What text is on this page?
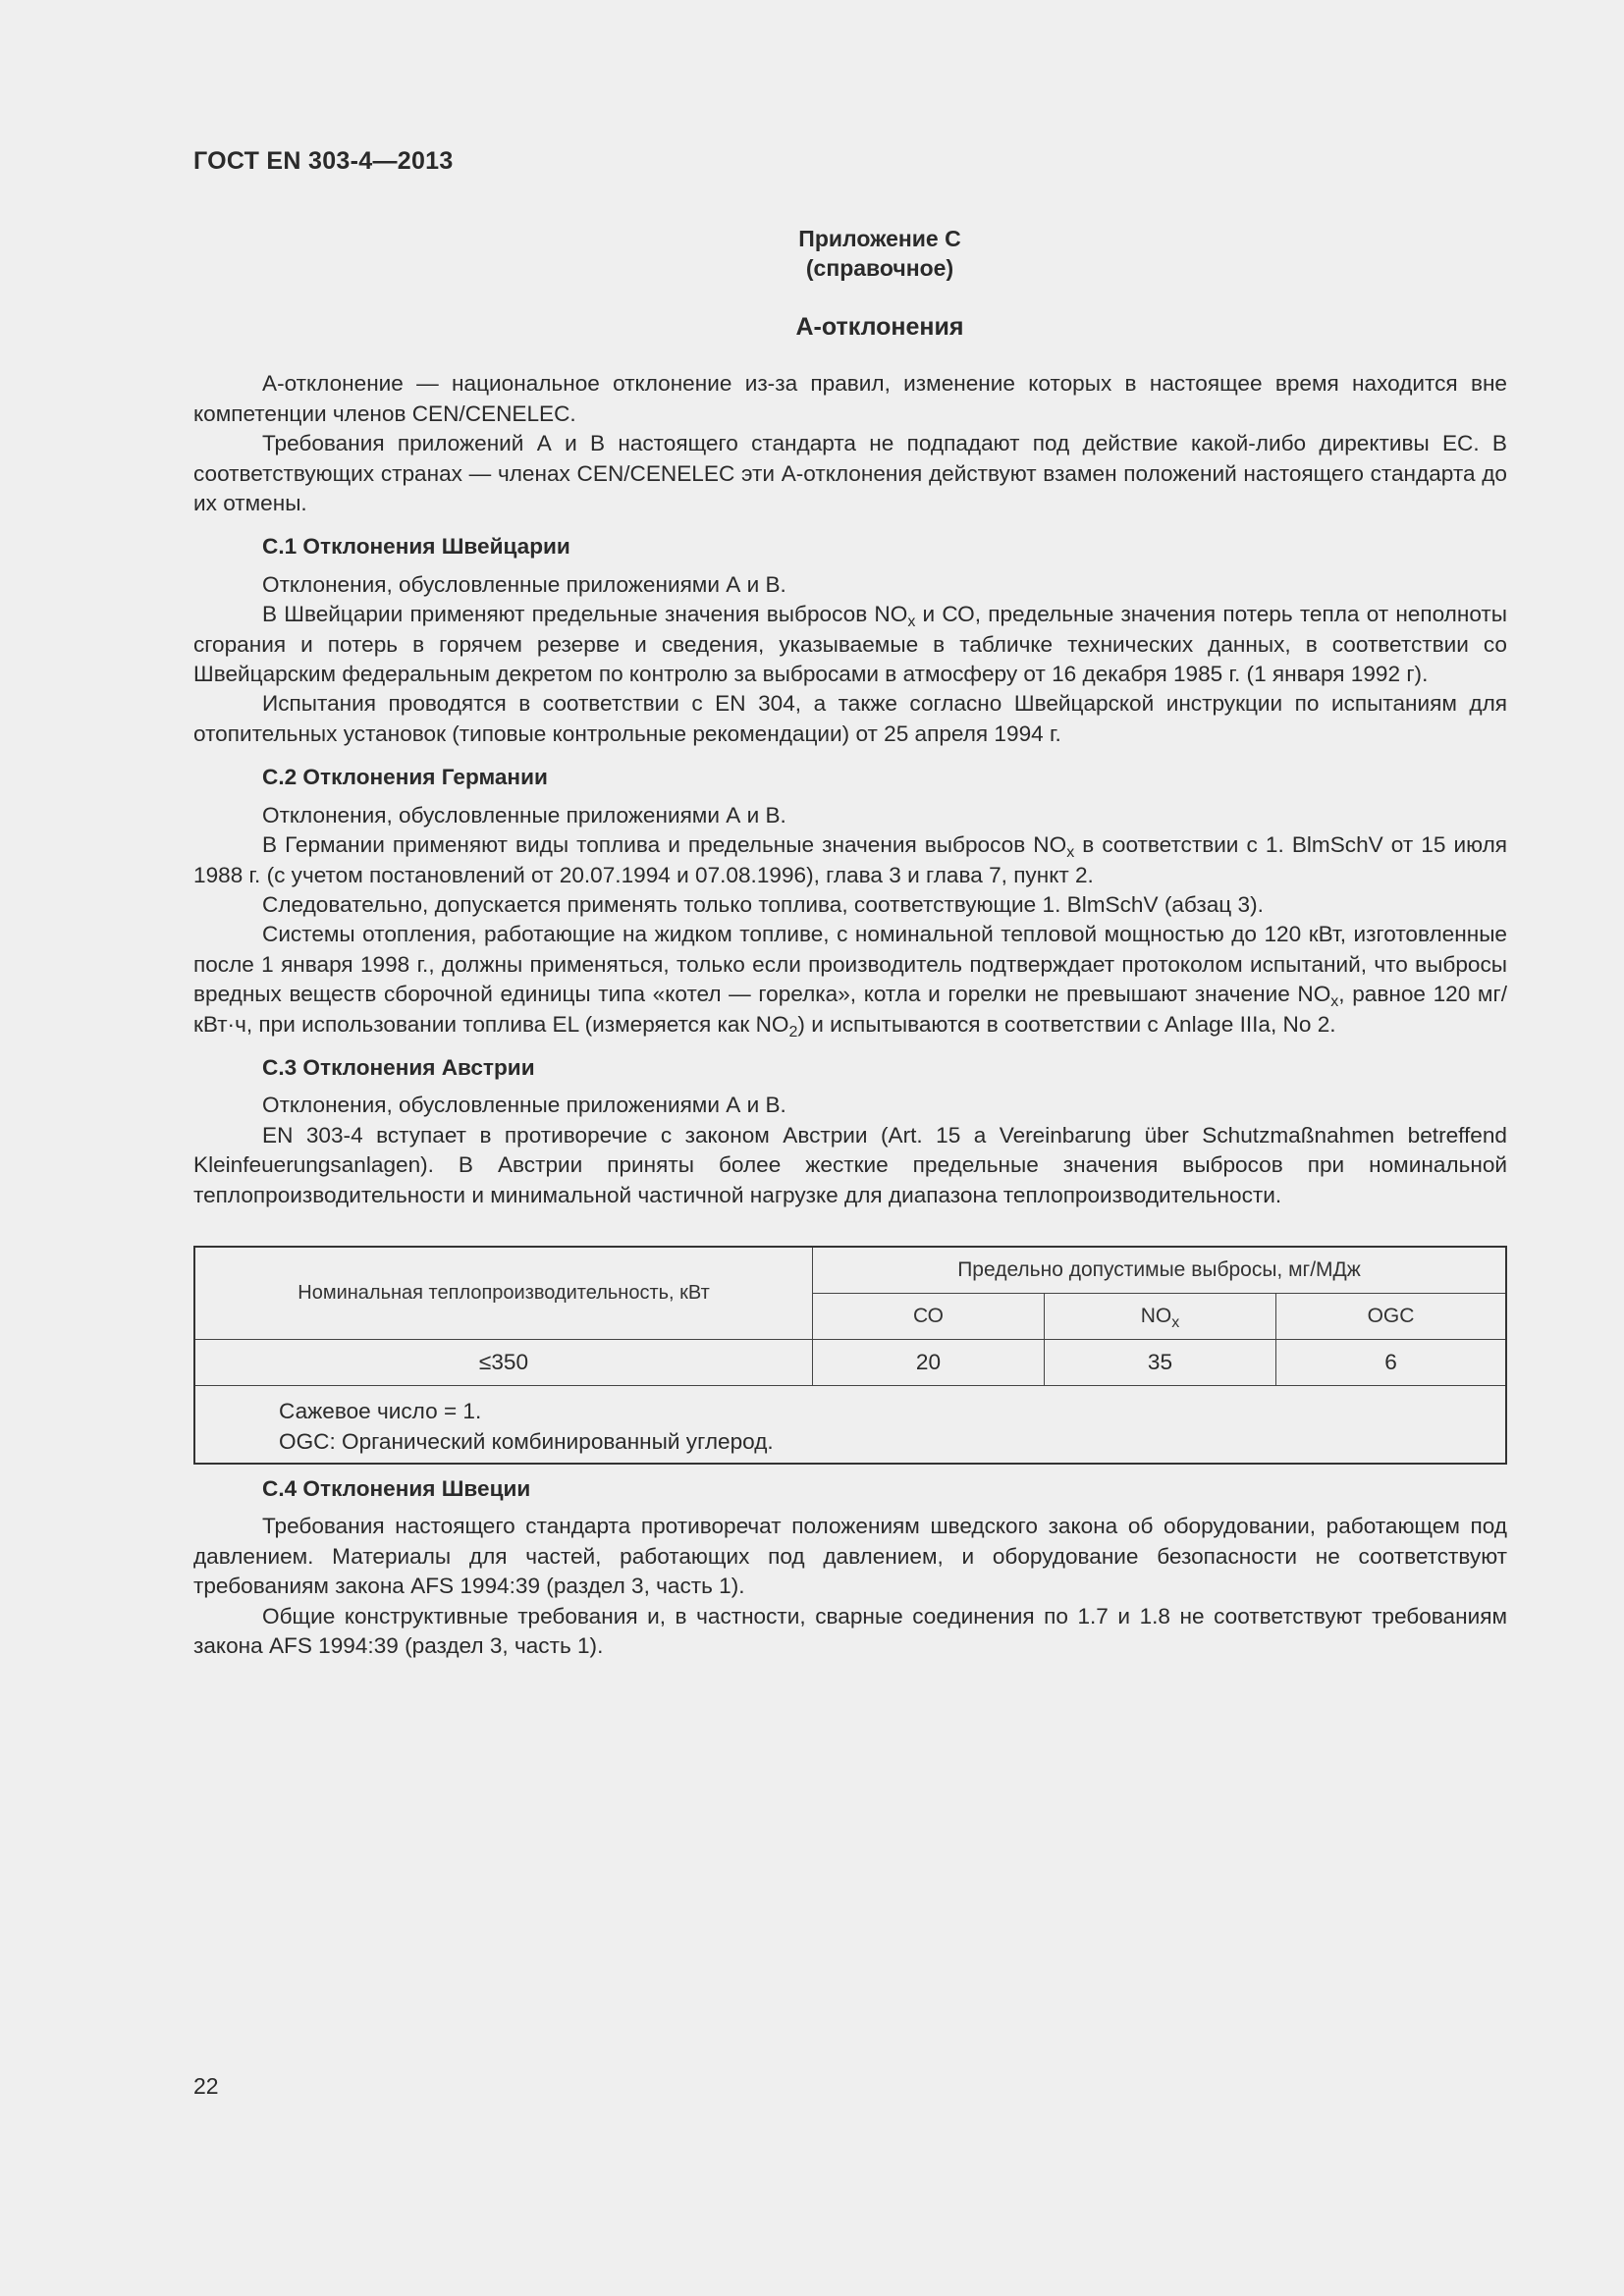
ГОСТ EN 303-4—2013
Приложение С
(справочное)
А-отклонения

А-отклонение — национальное отклонение из-за правил, изменение которых в настоящее время находится вне компетенции членов CEN/CENELEC.

Требования приложений А и В настоящего стандарта не подпадают под действие какой-либо директивы ЕС. В соответствующих странах — членах CEN/CENELEC эти А-отклонения действуют взамен положений настоящего стандарта до их отмены.

С.1 Отклонения Швейцарии

Отклонения, обусловленные приложениями А и В.

В Швейцарии применяют предельные значения выбросов $NO_x$ и СО, предельные значения потерь тепла от неполноты сгорания и потерь в горячем резерве и сведения, указываемые в табличке технических данных, в соответствии со Швейцарским федеральным декретом по контролю за выбросами в атмосферу от 16 декабря 1985 г. (1 января 1992 г).

Испытания проводятся в соответствии с EN 304, а также согласно Швейцарской инструкции по испытаниям для отопительных установок (типовые контрольные рекомендации) от 25 апреля 1994 г.

С.2 Отклонения Германии

Отклонения, обусловленные приложениями А и В.

В Германии применяют виды топлива и предельные значения выбросов $NO_x$ в соответствии с 1. BlmSchV от 15 июля 1988 г. (с учетом постановлений от 20.07.1994 и 07.08.1996), глава 3 и глава 7, пункт 2.

Следовательно, допускается применять только топлива, соответствующие 1. BlmSchV (абзац 3).

Системы отопления, работающие на жидком топливе, с номинальной тепловой мощностью до 120 кВт, изготовленные после 1 января 1998 г., должны применяться, только если производитель подтверждает протоколом испытаний, что выбросы вредных веществ сборочной единицы типа «котел — горелка», котла и горелки не превышают значение $NO_x$, равное 120 мг/кВт·ч, при использовании топлива EL (измеряется как $NO_2$) и испытываются в соответствии с Anlage IIIa, No 2.

С.3 Отклонения Австрии

Отклонения, обусловленные приложениями А и В.

EN 303-4 вступает в противоречие с законом Австрии (Art. 15 a Vereinbarung über Schutzmaßnahmen betreffend Kleinfeuerungsanlagen). В Австрии приняты более жесткие предельные значения выбросов при номинальной теплопроизводительности и минимальной частичной нагрузке для диапазона теплопроизводительности.

Номинальная теплопроизводительность, кВт	Предельно допустимые выбросы, мг/МДж		
	СО	$NO_x$	OGC
≤350	20	35	6

Сажевое число = 1.
OGC: Органический комбинированный углерод.			
С.4 Отклонения Швеции

Требования настоящего стандарта противоречат положениям шведского закона об оборудовании, работающем под давлением. Материалы для частей, работающих под давлением, и оборудование безопасности не соответствуют требованиям закона AFS 1994:39 (раздел 3, часть 1).

Общие конструктивные требования и, в частности, сварные соединения по 1.7 и 1.8 не соответствуют требованиям закона AFS 1994:39 (раздел 3, часть 1).

22
